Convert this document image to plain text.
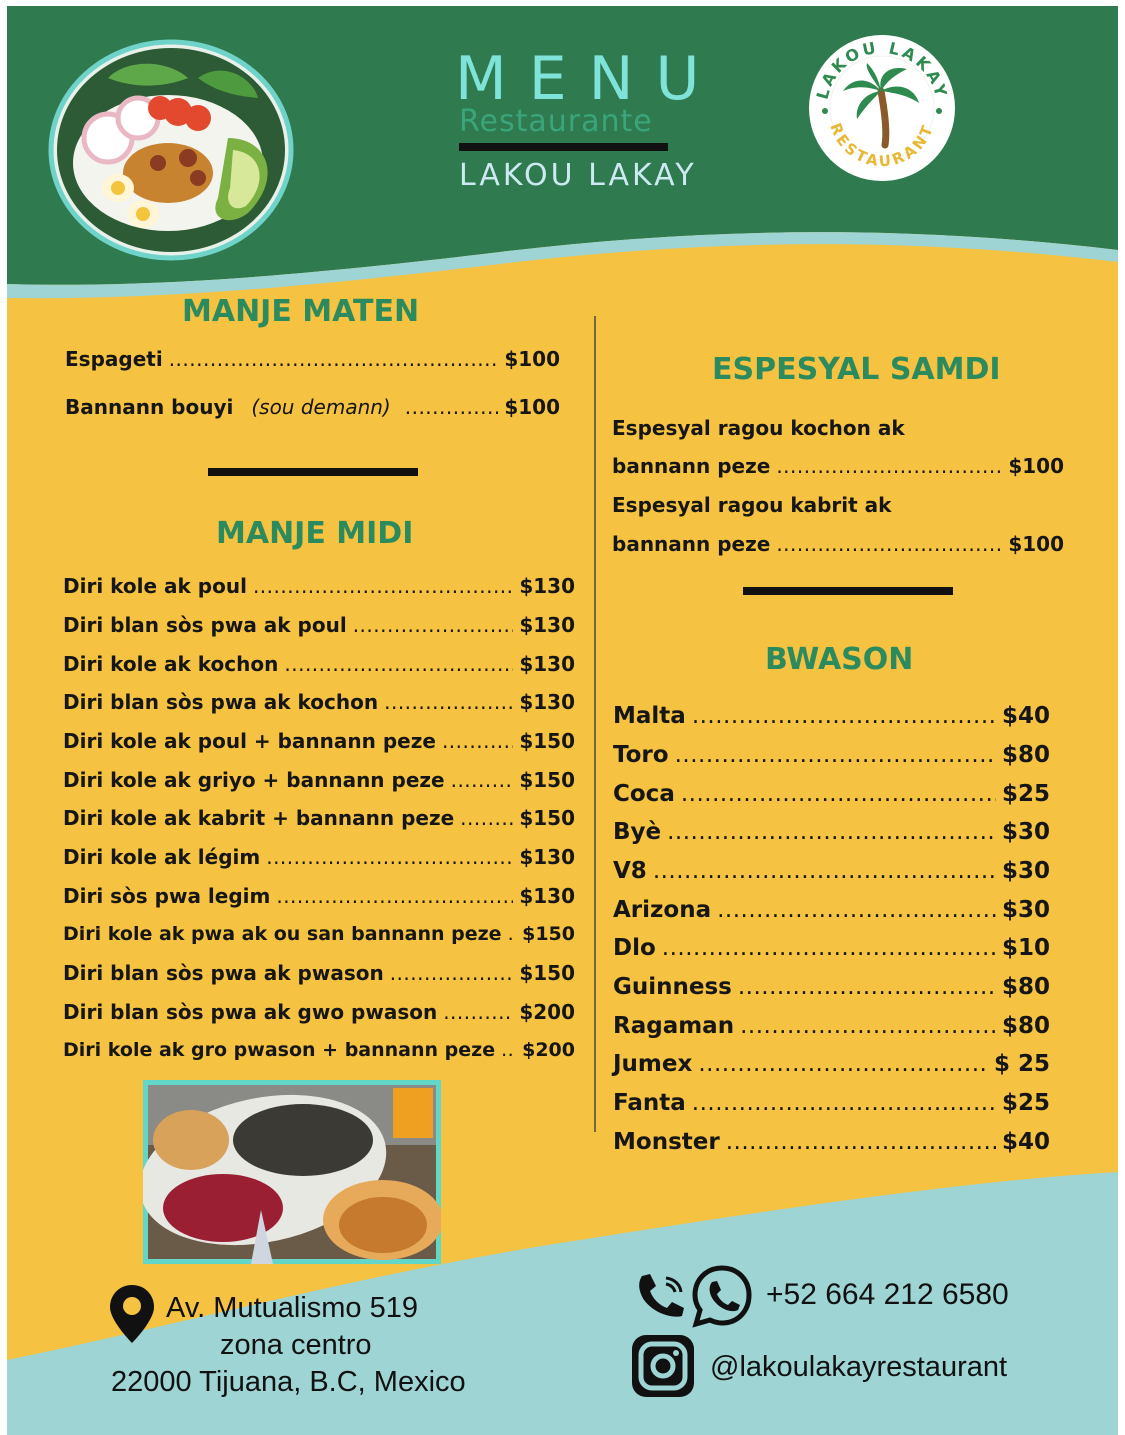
MENU
Restaurante
LAKOU LAKAY
LAKOU LAKAY
RESTAURANT
MANJE MATEN
Espageti .....	$100
Bannann bouyi (sou demann) .....	$100
MANJE MIDI
Diri kole ak poul .....	$130
Diri blan sòs pwa ak poul .....	$130
Diri kole ak kochon .....	$130
Diri blan sòs pwa ak kochon .....	$130
Diri kole ak poul + bannann peze .....	$150
Diri kole ak griyo + bannann peze .....	$150
Diri kole ak kabrit + bannann peze .....	$150
Diri kole ak légim .....	$130
Diri sòs pwa legim .....	$130
Diri kole ak pwa ak ou san bannann peze ..... $150
Diri blan sòs pwa ak pwason .....	$150
Diri blan sòs pwa ak gwo pwason .....	$200
Diri kole ak gro pwason + bannann peze ..... $200
ESPESYAL SAMDI
Espesyal ragou kochon ak
bannann peze .....	$100
Espesyal ragou kabrit ak
bannann peze .....	$100
BWASON
Malta .....	$40
Toro .....	$80
Coca .....	$25
Byè .....	$30
V8 .....	$30
Arizona .....	$30
Dlo .....	$10
Guinness .....	$80
Ragaman .....	$80
Jumex .....	$ 25
Fanta .....	$25
Monster .....	$40
Av. Mutualismo 519
zona centro
22000 Tijuana, B.C, Mexico
+52 664 212 6580
@lakoulakayrestaurant
